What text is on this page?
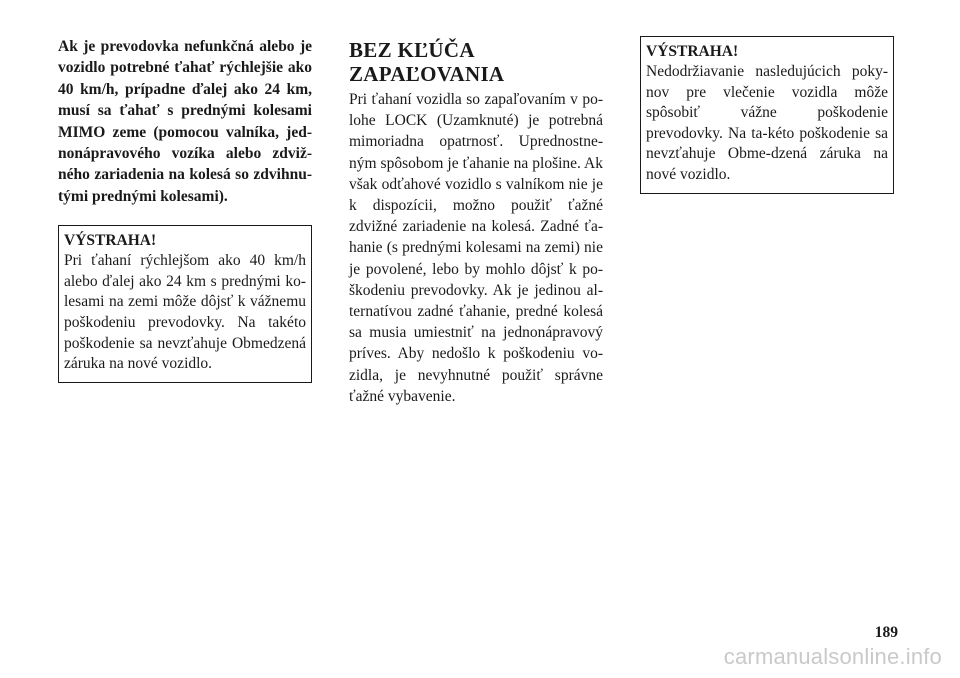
Ak je prevodovka nefunkčná alebo je vozidlo potrebné ťahať rýchlejšie ako 40 km/h, prípadne ďalej ako 24 km, musí sa ťahať s prednými kolesami MIMO zeme (pomocou valníka, jed-nonápravového vozíka alebo zdviž-ného zariadenia na kolesá so zdvihnu-tými prednými kolesami).

VÝSTRAHA!

Pri ťahaní rýchlejšom ako 40 km/h alebo ďalej ako 24 km s prednými ko-lesami na zemi môže dôjsť k vážnemu poškodeniu prevodovky. Na takéto poškodenie sa nevzťahuje Obmedzená záruka na nové vozidlo.

BEZ KĽÚČA
ZAPAĽOVANIA

Pri ťahaní vozidla so zapaľovaním v po-lohe LOCK (Uzamknuté) je potrebná mimoriadna opatrnosť. Uprednostne-ným spôsobom je ťahanie na plošine. Ak však odťahové vozidlo s valníkom nie je k dispozícii, možno použiť ťažné zdvižné zariadenie na kolesá. Zadné ťa-hanie (s prednými kolesami na zemi) nie je povolené, lebo by mohlo dôjsť k po-škodeniu prevodovky. Ak je jedinou al-ternatívou zadné ťahanie, predné kolesá sa musia umiestniť na jednonápravový príves. Aby nedošlo k poškodeniu vo-zidla, je nevyhnutné použiť správne ťažné vybavenie.

VÝSTRAHA!

Nedodržiavanie nasledujúcich poky-nov pre vlečenie vozidla môže spôsobiť vážne poškodenie prevodovky. Na ta-kéto poškodenie sa nevzťahuje Obme-dzená záruka na nové vozidlo.

189
carmanualsonline.info
